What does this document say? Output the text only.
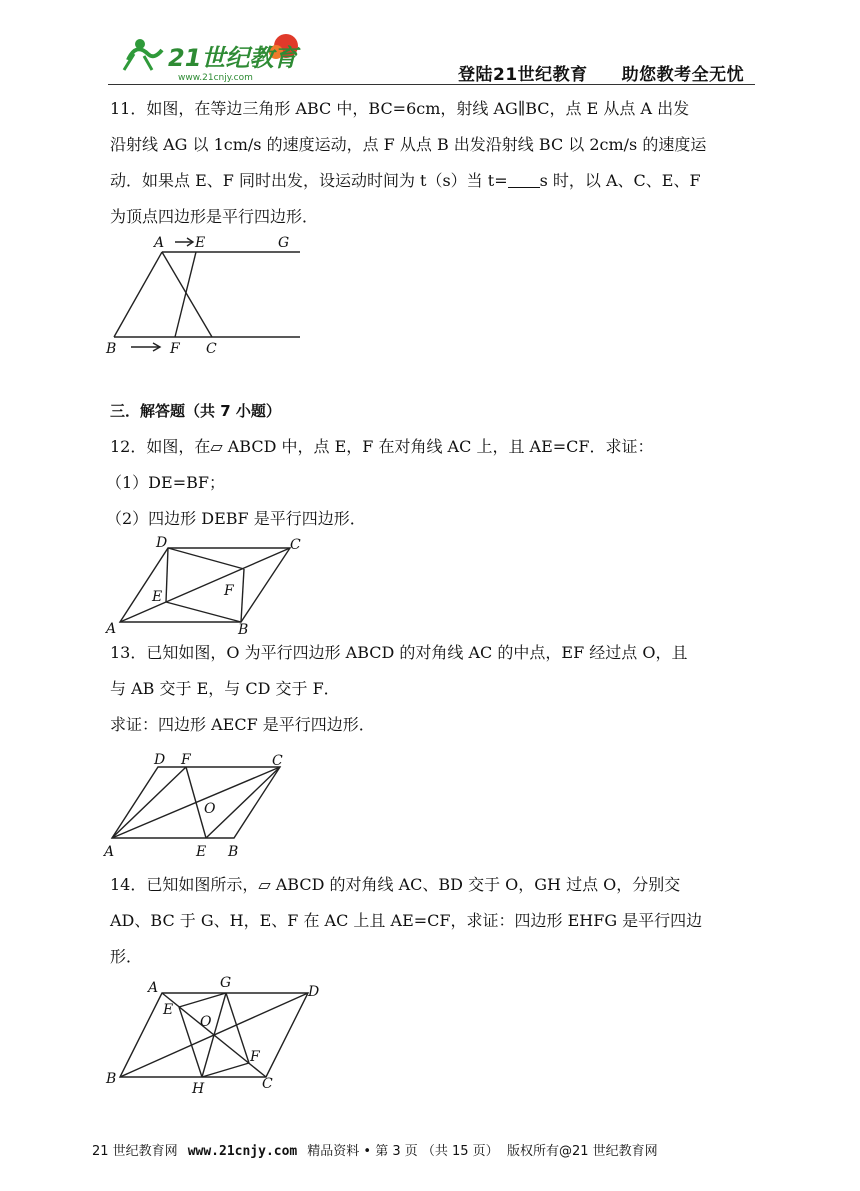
21世纪教育
www.21cnjy.com	登陆21世纪教育 助您教考全无忧
11．如图，在等边三角形 ABC 中，BC=6cm，射线 AG∥BC，点 E 从点 A 出发
沿射线 AG 以 1cm/s 的速度运动，点 F 从点 B 出发沿射线 BC 以 2cm/s 的速度运
动．如果点 E、F 同时出发，设运动时间为 t（s）当 t= s 时，以 A、C、E、F
为顶点四边形是平行四边形．
A E	G
B	F C
三．解答题（共 7 小题）
12．如图，在▱ ABCD 中，点 E，F 在对角线 AC 上，且 AE=CF．求证：
（1）DE=BF；
（2）四边形 DEBF 是平行四边形．
D	C
E	F
A	B
13．已知如图，O 为平行四边形 ABCD 的对角线 AC 的中点，EF 经过点 O，且
与 AB 交于 E，与 CD 交于 F．
求证：四边形 AECF 是平行四边形．
D F	C
O
A	E B
14．已知如图所示，▱ ABCD 的对角线 AC、BD 交于 O，GH 过点 O，分别交
AD、BC 于 G、H，E、F 在 AC 上且 AE=CF，求证：四边形 EHFG 是平行四边
形．
A	G
D
E
O
F
B
H	C
21 世纪教育网 www.21cnjy.com 精品资料 • 第 3 页 （共 15 页） 版权所有@21 世纪教育网
